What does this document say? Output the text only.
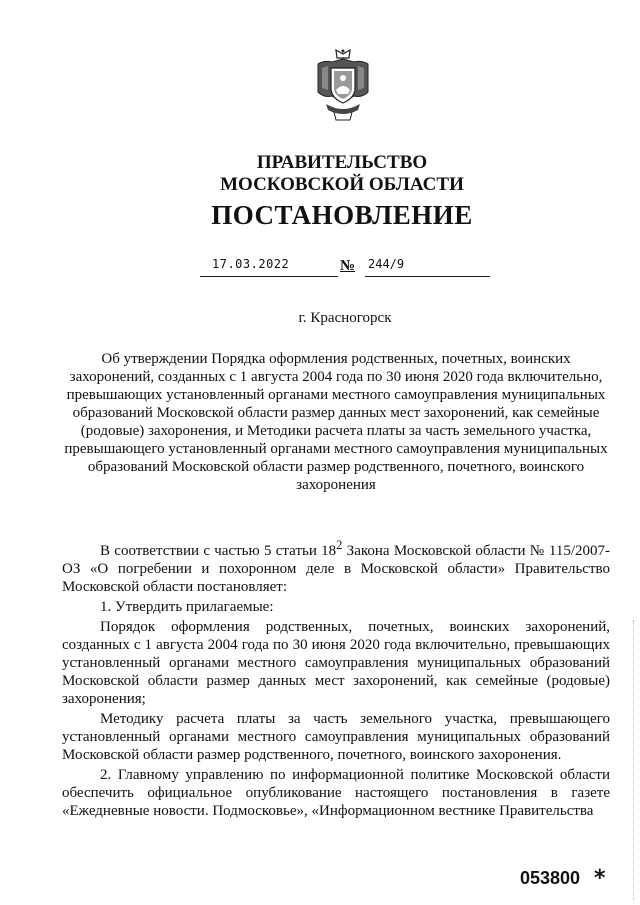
ПРАВИТЕЛЬСТВО
МОСКОВСКОЙ ОБЛАСТИ
ПОСТАНОВЛЕНИЕ
17.03.2022	№ 244/9
г. Красногорск
Об утверждении Порядка оформления родственных, почетных, воинских захоронений, созданных с 1 августа 2004 года по 30 июня 2020 года включительно, превышающих установленный органами местного самоуправления муниципальных образований Московской области размер данных мест захоронений, как семейные (родовые) захоронения, и Методики расчета платы за часть земельного участка, превышающего установленный органами местного самоуправления муниципальных образований Московской области размер родственного, почетного, воинского захоронения

В соответствии с частью 5 статьи $18^2$ Закона Московской области № 115/2007-ОЗ «О погребении и похоронном деле в Московской области» Правительство Московской области постановляет:

1. Утвердить прилагаемые:

Порядок оформления родственных, почетных, воинских захоронений, созданных с 1 августа 2004 года по 30 июня 2020 года включительно, превышающих установленный органами местного самоуправления муниципальных образований Московской области размер данных мест захоронений, как семейные (родовые) захоронения;

Методику расчета платы за часть земельного участка, превышающего установленный органами местного самоуправления муниципальных образований Московской области размер родственного, почетного, воинского захоронения.

2. Главному управлению по информационной политике Московской области обеспечить официальное опубликование настоящего постановления в газете «Ежедневные новости. Подмосковье», «Информационном вестнике Правительства

053800 *
